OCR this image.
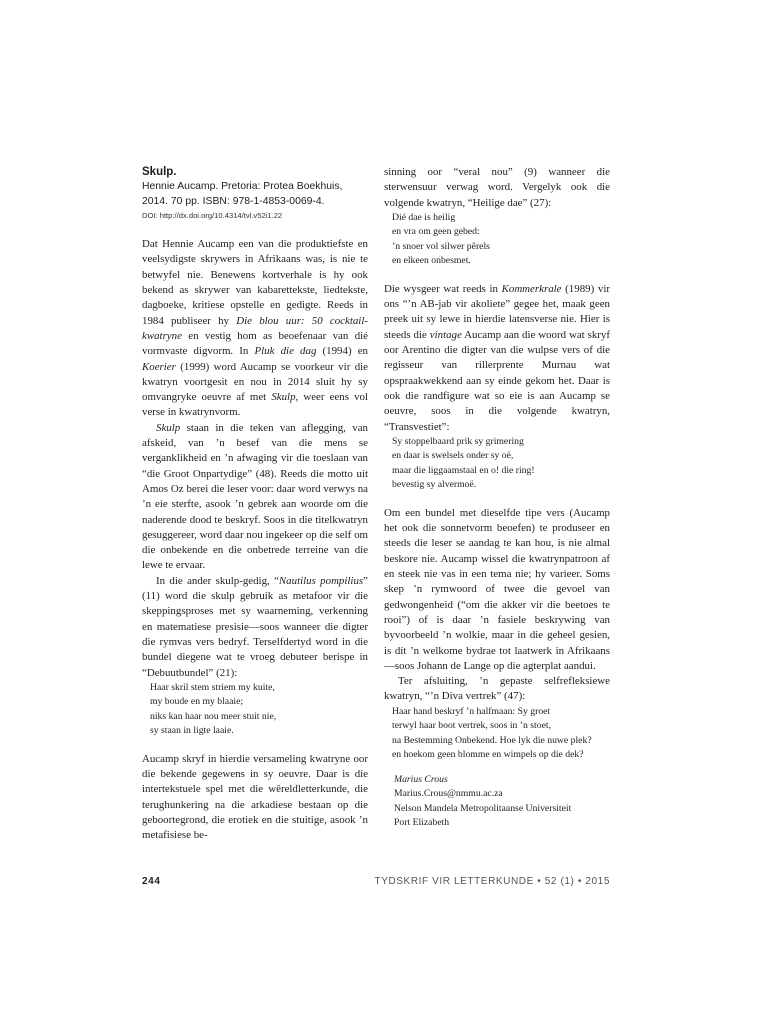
Skulp.
Hennie Aucamp. Pretoria: Protea Boekhuis, 2014. 70 pp. ISBN: 978-1-4853-0069-4.
DOI: http://dx.doi.org/10.4314/tvl.v52i1.22

Dat Hennie Aucamp een van die produktiefste en veelsydigste skrywers in Afrikaans was, is nie te betwyfel nie. Benewens kortverhale is hy ook bekend as skrywer van kabarettekste, liedtekste, dagboeke, kritiese opstelle en gedigte. Reeds in 1984 publiseer hy Die blou uur: 50 cocktail-kwatryne en vestig hom as beoefenaar van dié vormvaste digvorm. In Pluk die dag (1994) en Koerier (1999) word Aucamp se voorkeur vir die kwatryn voortgesit en nou in 2014 sluit hy sy omvangryke oeuvre af met Skulp, weer eens vol verse in kwatrynvorm.

Skulp staan in die teken van aflegging, van afskeid, van ’n besef van die mens se verganklikheid en ’n afwaging vir die toeslaan van “die Groot Onpartydige” (48). Reeds die motto uit Amos Oz berei die leser voor: daar word verwys na ’n eie sterfte, asook ’n gebrek aan woorde om die naderende dood te beskryf. Soos in die titelkwatryn gesuggereer, word daar nou ingekeer op die self om die onbekende en die onbetrede terreine van die lewe te ervaar.

In die ander skulp-gedig, “Nautilus pompilius” (11) word die skulp gebruik as metafoor vir die skeppingsproses met sy waarneming, verkenning en matematiese presisie—soos wanneer die digter die rymvas vers bedryf. Terselfdertyd word in die bundel diegene wat te vroeg debuteer berispe in “Debuutbundel” (21):

Haar skril stem striem my kuite,
my boude en my blaaie;
niks kan haar nou meer stuit nie,
sy staan in ligte laaie.

Aucamp skryf in hierdie versameling kwatryne oor die bekende gegewens in sy oeuvre. Daar is die intertekstuele spel met die wêreldletterkunde, die terughunkering na die arkadiese bestaan op die geboortegrond, die erotiek en die stuitige, asook ’n metafisiese be-

sinning oor “veral nou” (9) wanneer die sterwensuur verwag word. Vergelyk ook die volgende kwatryn, “Heilige dae” (27):

Dié dae is heilig
en vra om geen gebed:
’n snoer vol silwer pêrels
en elkeen onbesmet.

Die wysgeer wat reeds in Kommerkrale (1989) vir ons “’n AB-jab vir akoliete” gegee het, maak geen preek uit sy lewe in hierdie latensverse nie. Hier is steeds die vintage Aucamp aan die woord wat skryf oor Arentino die digter van die wulpse vers of die regisseur van rillerprente Murnau wat opspraakwekkend aan sy einde gekom het. Daar is ook die randfigure wat so eie is aan Aucamp se oeuvre, soos in die volgende kwatryn, “Transvestiet”:

Sy stoppelbaard prik sy grimering
en daar is swelsels onder sy oë,
maar die liggaamstaal en o! die ring!
bevestig sy alvermoë.

Om een bundel met dieselfde tipe vers (Aucamp het ook die sonnetvorm beoefen) te produseer en steeds die leser se aandag te kan hou, is nie almal beskore nie. Aucamp wissel die kwatrynpatroon af en steek nie vas in een tema nie; hy varieer. Soms skep ’n rymwoord of twee die gevoel van gedwongenheid (“om die akker vir die beetoes te rooi”) of is daar ’n fasiele beskrywing van byvoorbeeld ’n wolkie, maar in die geheel gesien, is dít ’n welkome bydrae tot laatwerk in Afrikaans—soos Johann de Lange op die agterplat aandui.

Ter afsluiting, ’n gepaste selfrefleksiewe kwatryn, “’n Diva vertrek” (47):

Haar hand beskryf ’n halfmaan: Sy groet
terwyl haar boot vertrek, soos in ’n stoet,
na Bestemming Onbekend. Hoe lyk die nuwe plek?
en hoekom geen blomme en wimpels op die dek?
Marius Crous
Marius.Crous@nmmu.ac.za
Nelson Mandela Metropolitaanse Universiteit
Port Elizabeth
244	TYDSKRIF VIR LETTERKUNDE • 52 (1) • 2015
